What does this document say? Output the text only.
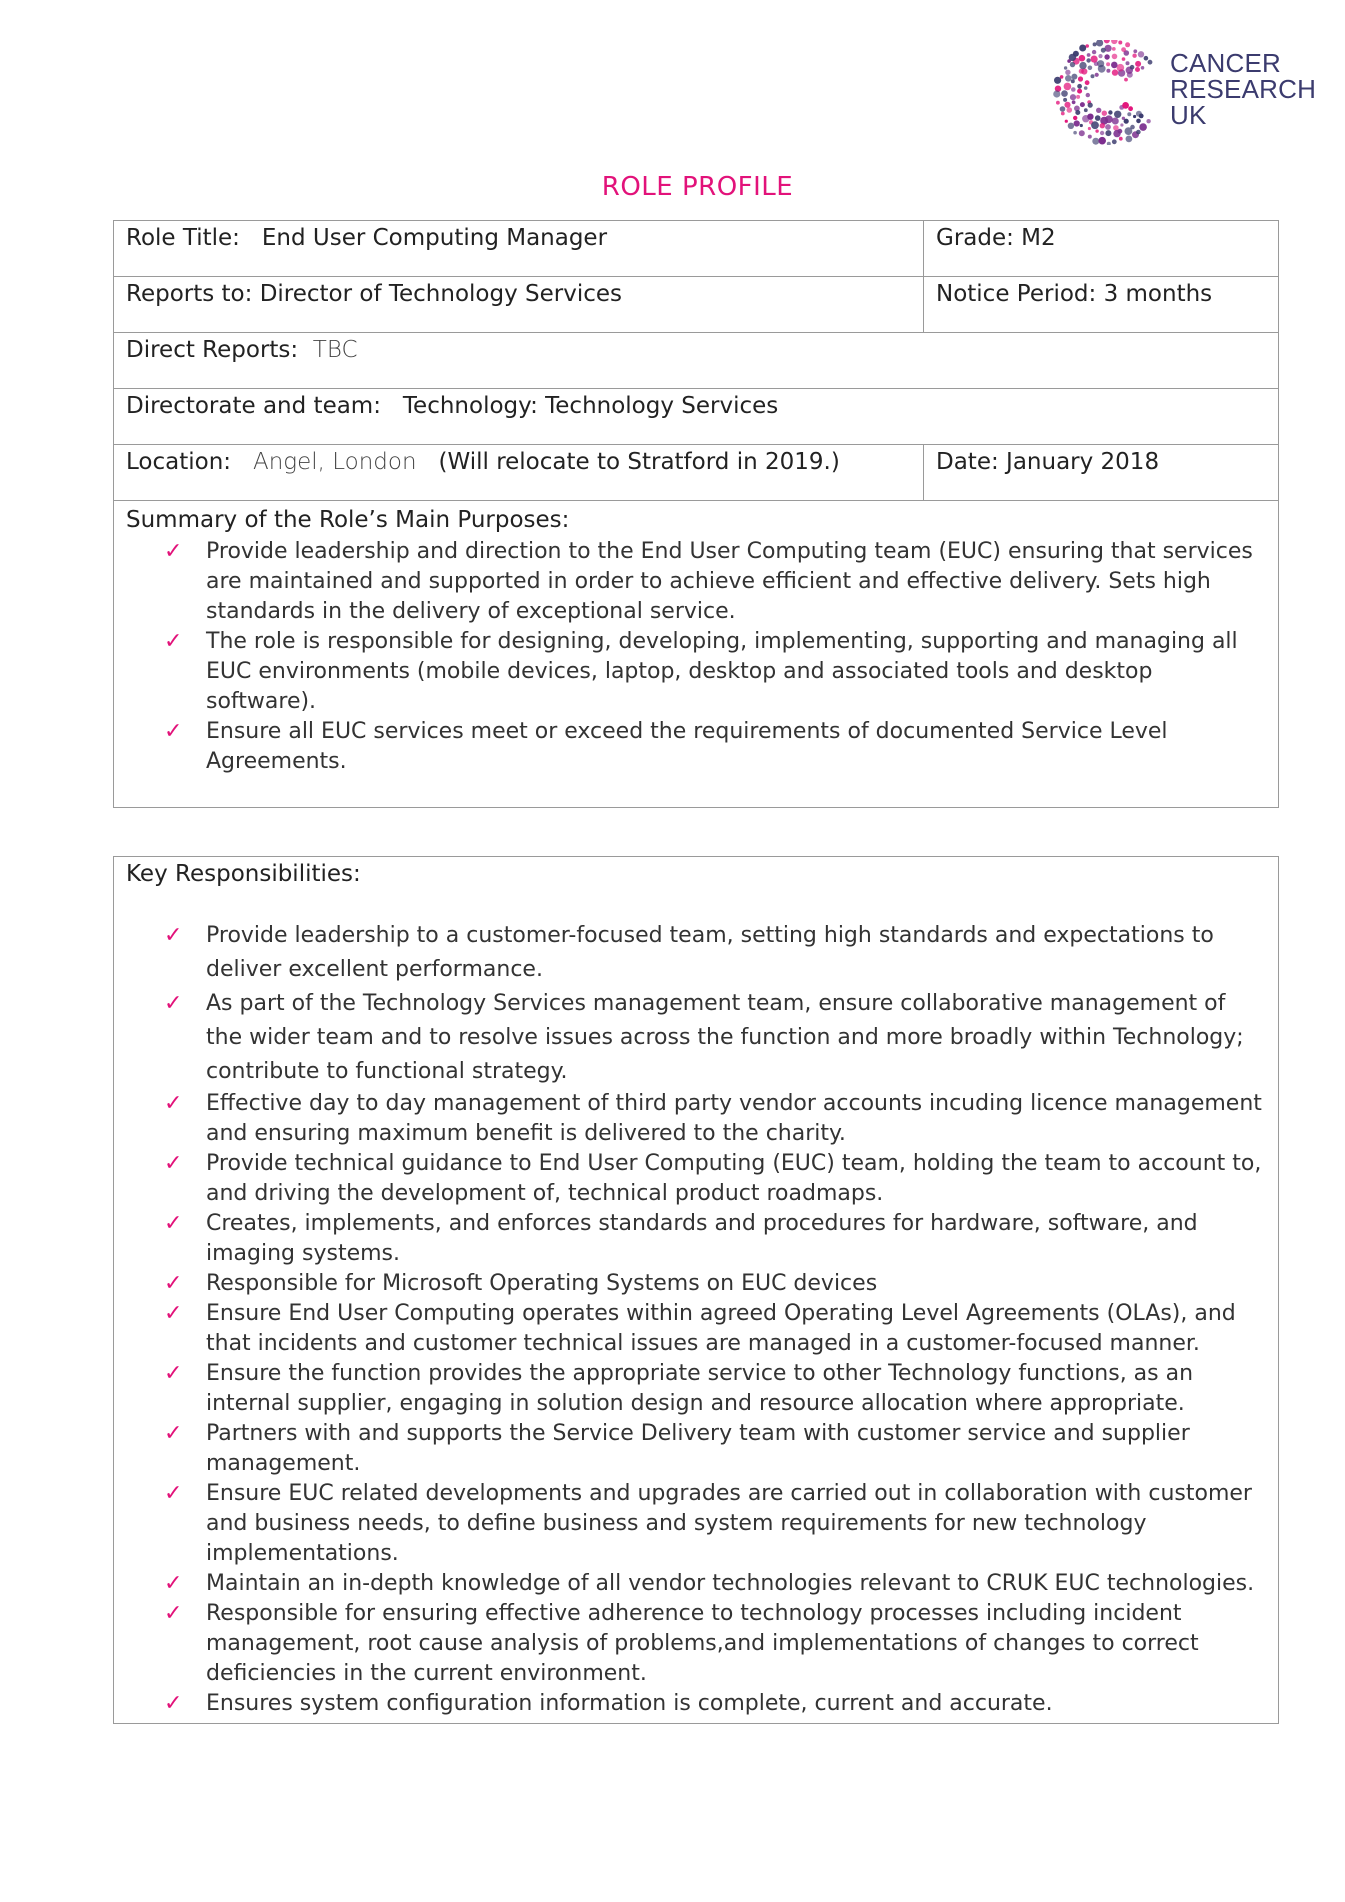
CANCER
RESEARCH
UK
ROLE PROFILE
Role Title: End User Computing Manager	Grade: M2
Reports to: Director of Technology Services	Notice Period: 3 months
Direct Reports: TBC
Directorate and team: Technology: Technology Services
Location: Angel, London (Will relocate to Stratford in 2019.)	Date: January 2018
Summary of the Role’s Main Purposes:
✓ Provide leadership and direction to the End User Computing team (EUC) ensuring that services are maintained and supported in order to achieve efficient and effective delivery. Sets high standards in the delivery of exceptional service.
✓ The role is responsible for designing, developing, implementing, supporting and managing all EUC environments (mobile devices, laptop, desktop and associated tools and desktop software).
✓ Ensure all EUC services meet or exceed the requirements of documented Service Level Agreements.
Key Responsibilities:
✓ Provide leadership to a customer-focused team, setting high standards and expectations to deliver excellent performance.
✓ As part of the Technology Services management team, ensure collaborative management of the wider team and to resolve issues across the function and more broadly within Technology; contribute to functional strategy.
✓ Effective day to day management of third party vendor accounts incuding licence management and ensuring maximum benefit is delivered to the charity.
✓ Provide technical guidance to End User Computing (EUC) team, holding the team to account to, and driving the development of, technical product roadmaps.
✓ Creates, implements, and enforces standards and procedures for hardware, software, and imaging systems.
✓ Responsible for Microsoft Operating Systems on EUC devices
✓ Ensure End User Computing operates within agreed Operating Level Agreements (OLAs), and that incidents and customer technical issues are managed in a customer-focused manner.
✓ Ensure the function provides the appropriate service to other Technology functions, as an internal supplier, engaging in solution design and resource allocation where appropriate.
✓ Partners with and supports the Service Delivery team with customer service and supplier management.
✓ Ensure EUC related developments and upgrades are carried out in collaboration with customer and business needs, to define business and system requirements for new technology implementations.
✓ Maintain an in-depth knowledge of all vendor technologies relevant to CRUK EUC technologies.
✓ Responsible for ensuring effective adherence to technology processes including incident management, root cause analysis of problems,and implementations of changes to correct deficiencies in the current environment.
✓ Ensures system configuration information is complete, current and accurate.
